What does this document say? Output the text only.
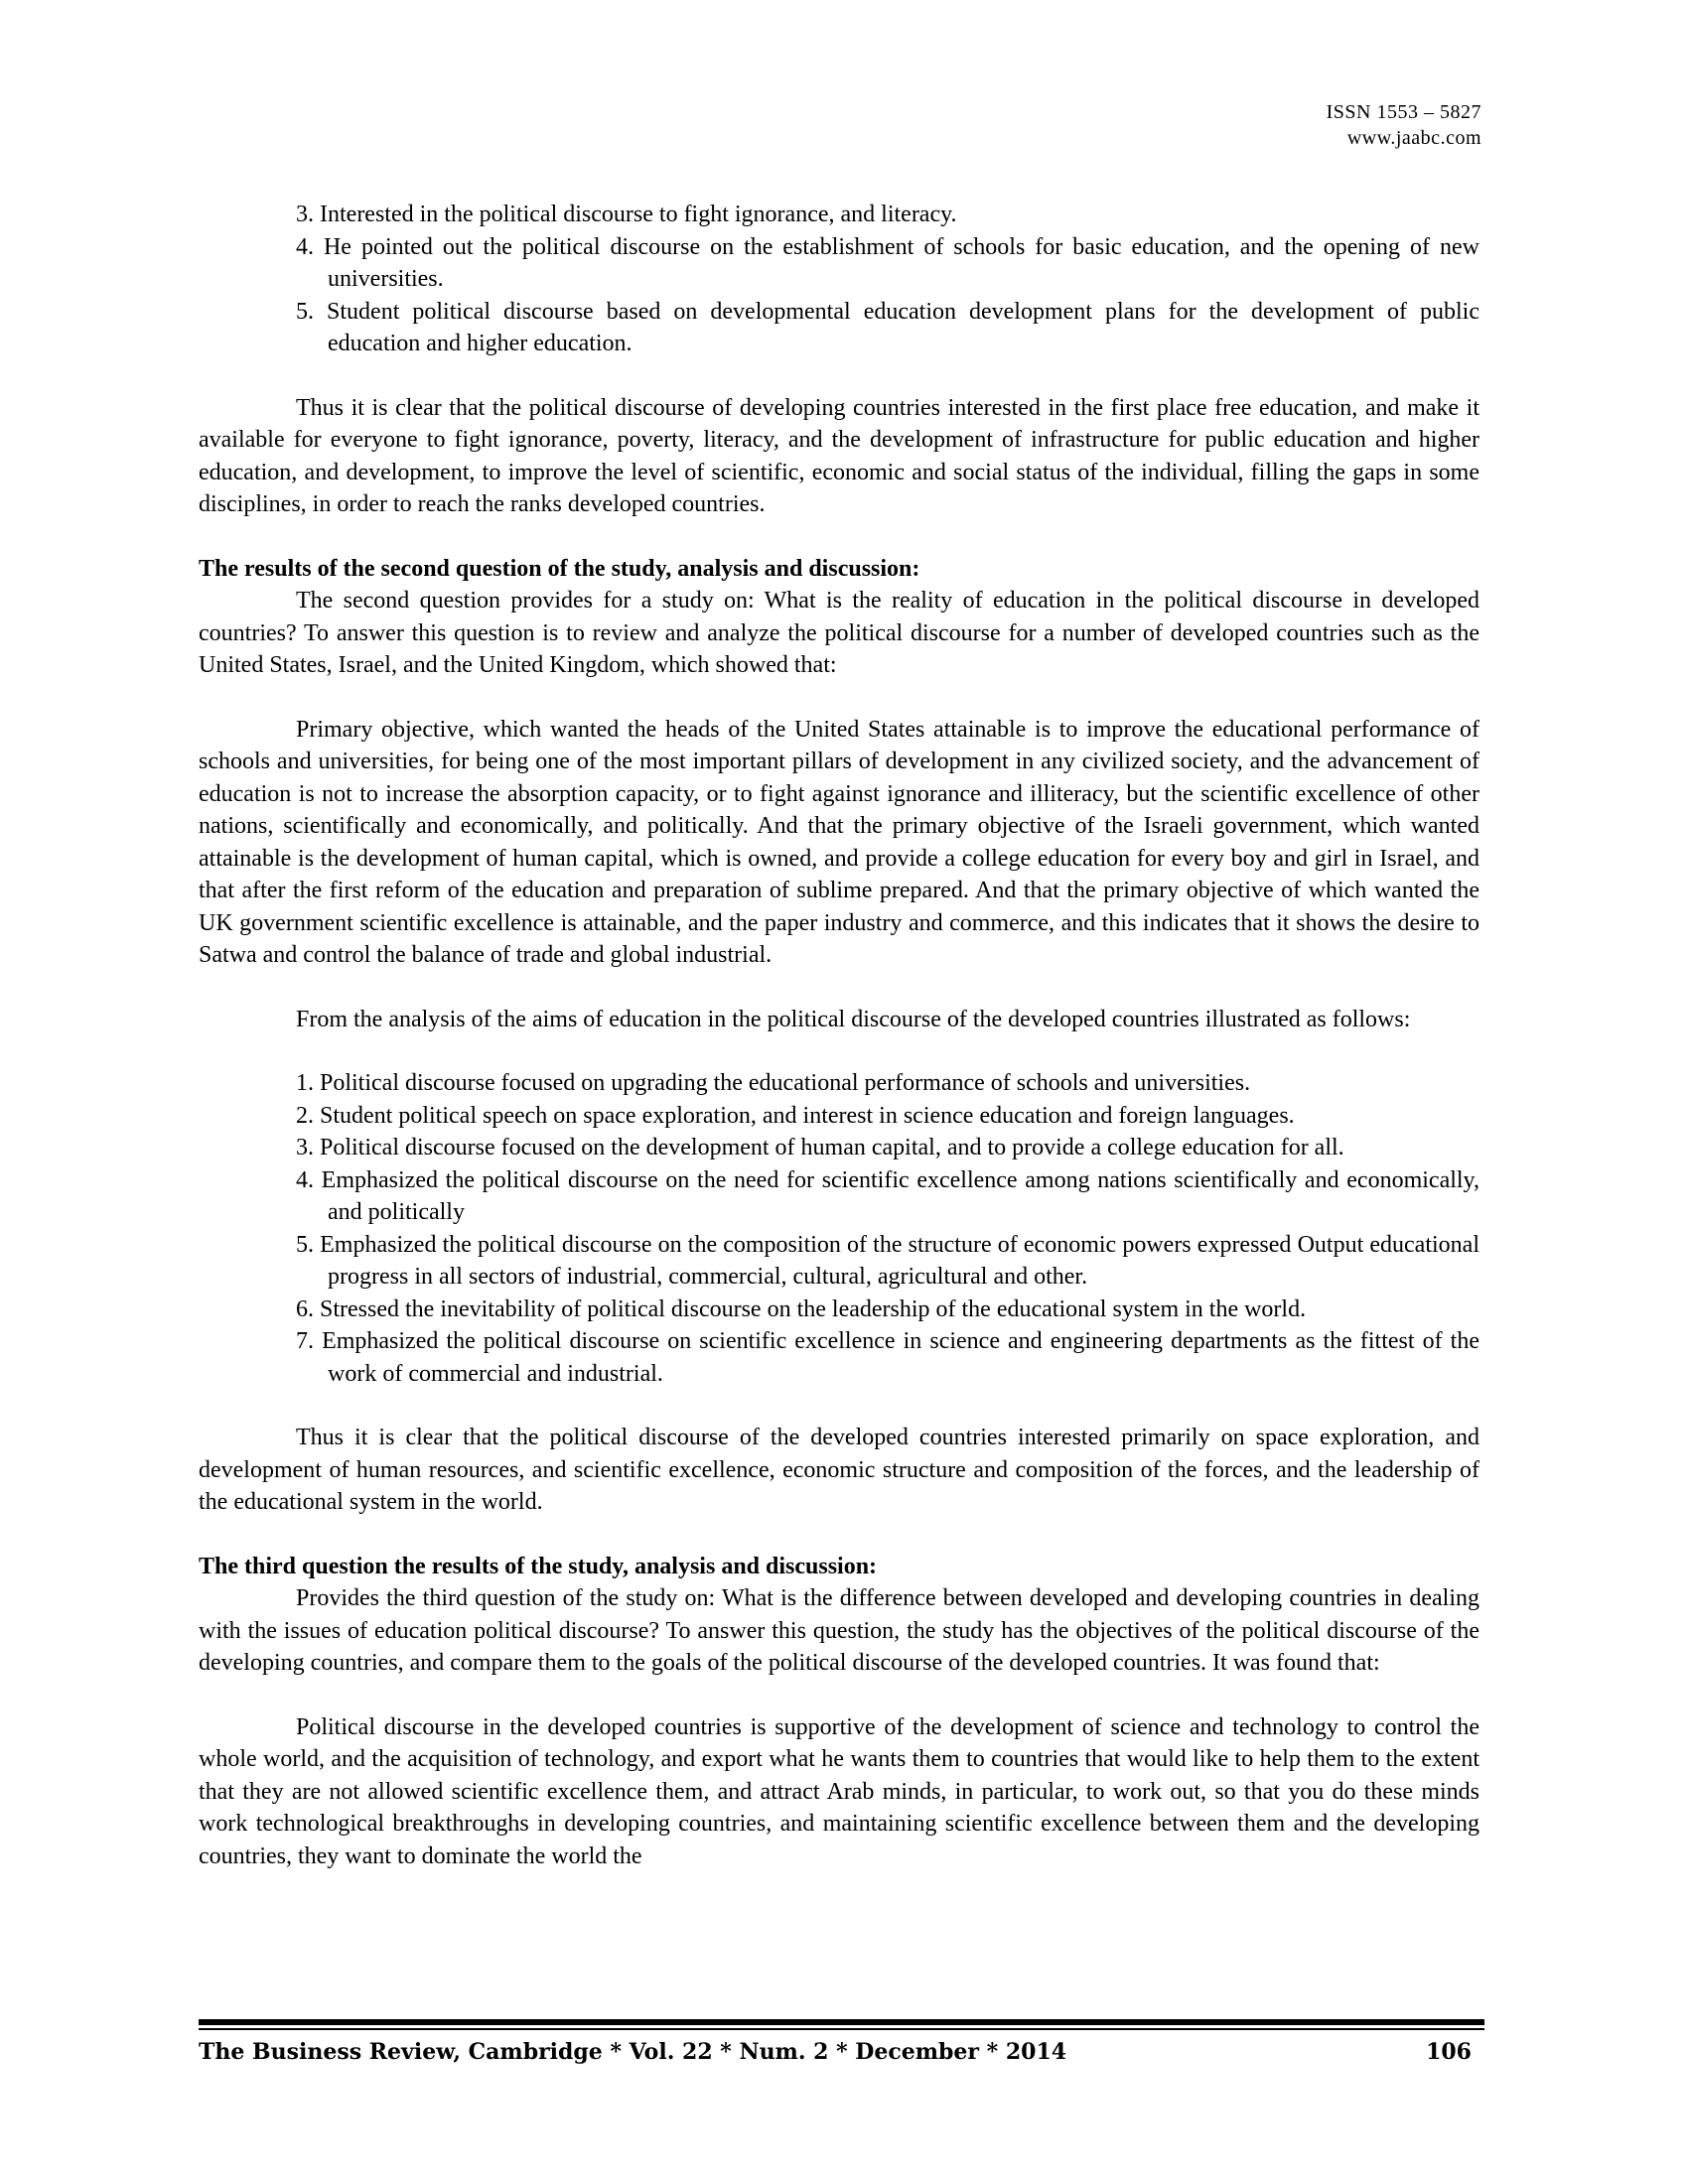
ISSN 1553 – 5827
www.jaabc.com
3. Interested in the political discourse to fight ignorance, and literacy.
4. He pointed out the political discourse on the establishment of schools for basic education, and the opening of new universities.
5. Student political discourse based on developmental education development plans for the development of public education and higher education.

Thus it is clear that the political discourse of developing countries interested in the first place free education, and make it available for everyone to fight ignorance, poverty, literacy, and the development of infrastructure for public education and higher education, and development, to improve the level of scientific, economic and social status of the individual, filling the gaps in some disciplines, in order to reach the ranks developed countries.

The results of the second question of the study, analysis and discussion:

The second question provides for a study on: What is the reality of education in the political discourse in developed countries? To answer this question is to review and analyze the political discourse for a number of developed countries such as the United States, Israel, and the United Kingdom, which showed that:

Primary objective, which wanted the heads of the United States attainable is to improve the educational performance of schools and universities, for being one of the most important pillars of development in any civilized society, and the advancement of education is not to increase the absorption capacity, or to fight against ignorance and illiteracy, but the scientific excellence of other nations, scientifically and economically, and politically. And that the primary objective of the Israeli government, which wanted attainable is the development of human capital, which is owned, and provide a college education for every boy and girl in Israel, and that after the first reform of the education and preparation of sublime prepared. And that the primary objective of which wanted the UK government scientific excellence is attainable, and the paper industry and commerce, and this indicates that it shows the desire to Satwa and control the balance of trade and global industrial.

From the analysis of the aims of education in the political discourse of the developed countries illustrated as follows:

1. Political discourse focused on upgrading the educational performance of schools and universities.
2. Student political speech on space exploration, and interest in science education and foreign languages.
3. Political discourse focused on the development of human capital, and to provide a college education for all.
4. Emphasized the political discourse on the need for scientific excellence among nations scientifically and economically, and politically
5. Emphasized the political discourse on the composition of the structure of economic powers expressed Output educational progress in all sectors of industrial, commercial, cultural, agricultural and other.
6. Stressed the inevitability of political discourse on the leadership of the educational system in the world.
7. Emphasized the political discourse on scientific excellence in science and engineering departments as the fittest of the work of commercial and industrial.

Thus it is clear that the political discourse of the developed countries interested primarily on space exploration, and development of human resources, and scientific excellence, economic structure and composition of the forces, and the leadership of the educational system in the world.

The third question the results of the study, analysis and discussion:

Provides the third question of the study on: What is the difference between developed and developing countries in dealing with the issues of education political discourse? To answer this question, the study has the objectives of the political discourse of the developing countries, and compare them to the goals of the political discourse of the developed countries. It was found that:

Political discourse in the developed countries is supportive of the development of science and technology to control the whole world, and the acquisition of technology, and export what he wants them to countries that would like to help them to the extent that they are not allowed scientific excellence them, and attract Arab minds, in particular, to work out, so that you do these minds work technological breakthroughs in developing countries, and maintaining scientific excellence between them and the developing countries, they want to dominate the world the

The Business Review, Cambridge * Vol. 22 * Num. 2 * December * 2014	106
